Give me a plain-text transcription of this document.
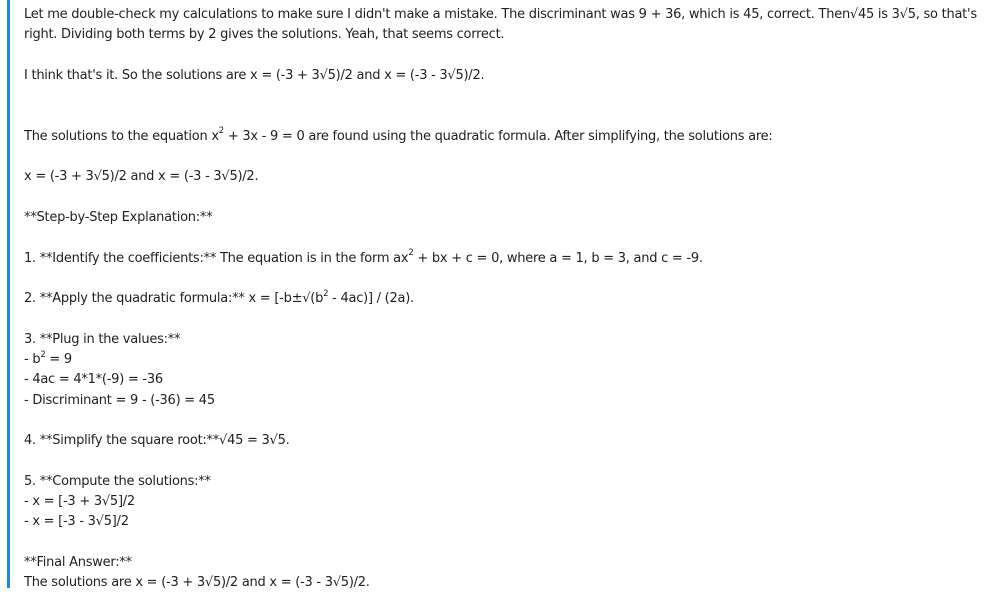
Let me double-check my calculations to make sure I didn't make a mistake. The discriminant was 9 + 36, which is 45, correct. Then√45 is 3√5, so that's right. Dividing both terms by 2 gives the solutions. Yeah, that seems correct.
I think that's it. So the solutions are x = (-3 + 3√5)/2 and x = (-3 - 3√5)/2.
The solutions to the equation $x^2 + 3x - 9 = 0$ are found using the quadratic formula. After simplifying, the solutions are:
x = (-3 + 3√5)/2 and x = (-3 - 3√5)/2.
**Step-by-Step Explanation:**
1. **Identify the coefficients:** The equation is in the form $ax^2$ + bx + c = 0, where a = 1, b = 3, and c = -9.
2. **Apply the quadratic formula:** $x = [-b\pm√(b^2 - 4ac)] / (2a)$.
3. **Plug in the values:**
- $b^2 = 9$
- 4ac = 4*1*(-9) = -36
- Discriminant = 9 - (-36) = 45
4. **Simplify the square root:**√45 = 3√5.
5. **Compute the solutions:**
- x = [-3 + 3√5]/2
- x = [-3 - 3√5]/2
**Final Answer:**
The solutions are x = (-3 + 3√5)/2 and x = (-3 - 3√5)/2.
